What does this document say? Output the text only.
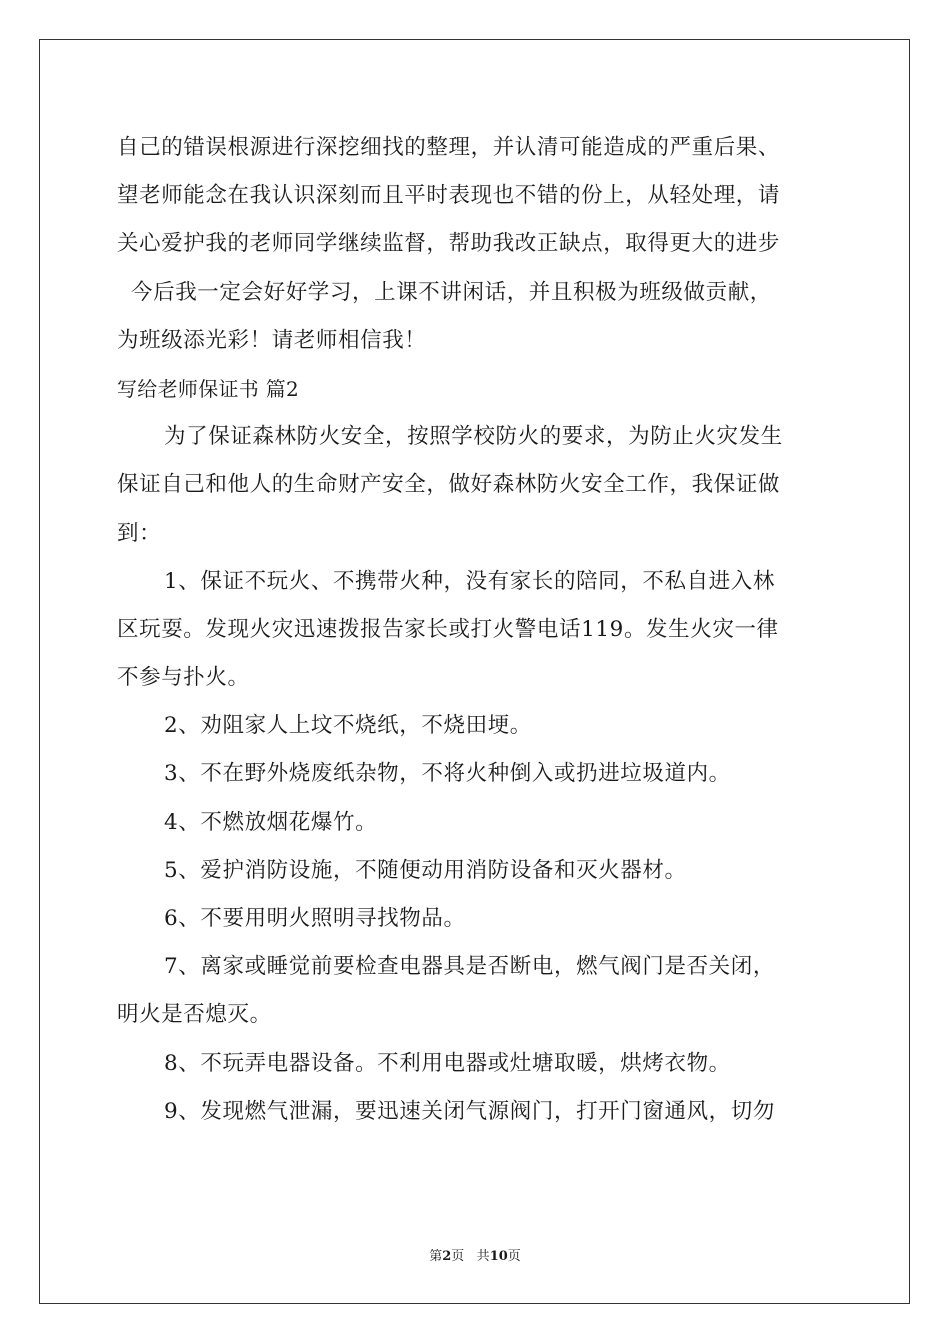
自己的错误根源进行深挖细找的整理，并认清可能造成的严重后果、
望老师能念在我认识深刻而且平时表现也不错的份上，从轻处理，请
关心爱护我的老师同学继续监督，帮助我改正缺点，取得更大的进步
今后我一定会好好学习，上课不讲闲话，并且积极为班级做贡献，
为班级添光彩！请老师相信我！
写给老师保证书 篇2
为了保证森林防火安全，按照学校防火的要求，为防止火灾发生
保证自己和他人的生命财产安全，做好森林防火安全工作，我保证做
到：
1、保证不玩火、不携带火种，没有家长的陪同，不私自进入林
区玩耍。发现火灾迅速拨报告家长或打火警电话119。发生火灾一律
不参与扑火。
2、劝阻家人上坟不烧纸，不烧田埂。
3、不在野外烧废纸杂物，不将火种倒入或扔进垃圾道内。
4、不燃放烟花爆竹。
5、爱护消防设施，不随便动用消防设备和灭火器材。
6、不要用明火照明寻找物品。
7、离家或睡觉前要检查电器具是否断电，燃气阀门是否关闭，
明火是否熄灭。
8、不玩弄电器设备。不利用电器或灶塘取暖，烘烤衣物。
9、发现燃气泄漏，要迅速关闭气源阀门，打开门窗通风，切勿
第2页 共10页
